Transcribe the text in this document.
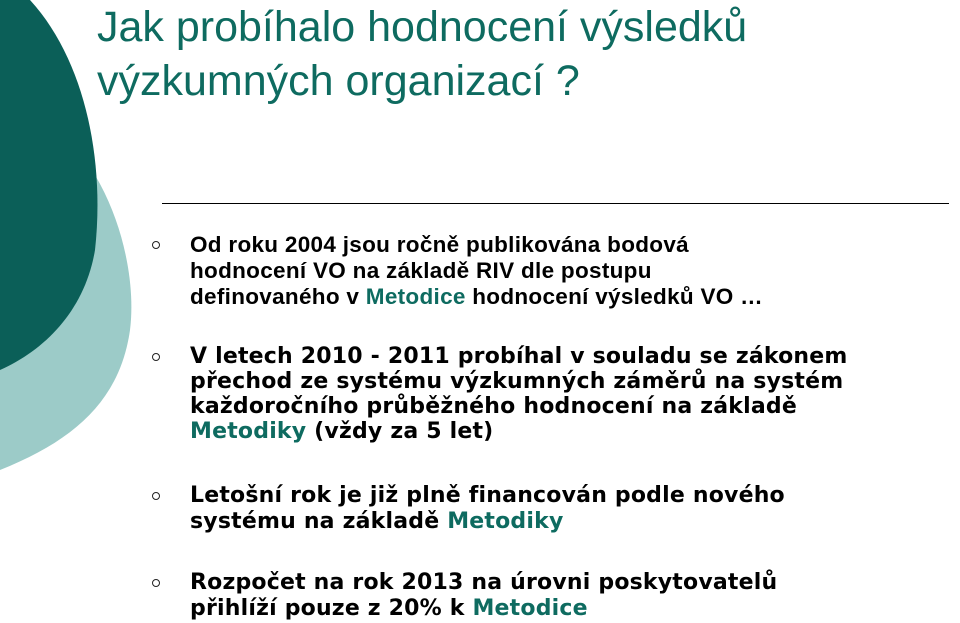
Jak probíhalo hodnocení výsledků
výzkumných organizací ?
Od roku 2004 jsou ročně publikována bodová
hodnocení VO na základě RIV dle postupu
definovaného v Metodice hodnocení výsledků VO …
V letech 2010 - 2011 probíhal v souladu se zákonem
přechod ze systému výzkumných záměrů na systém
každoročního průběžného hodnocení na základě
Metodiky (vždy za 5 let)
Letošní rok je již plně financován podle nového
systému na základě Metodiky
Rozpočet na rok 2013 na úrovni poskytovatelů
přihlíží pouze z 20% k Metodice
